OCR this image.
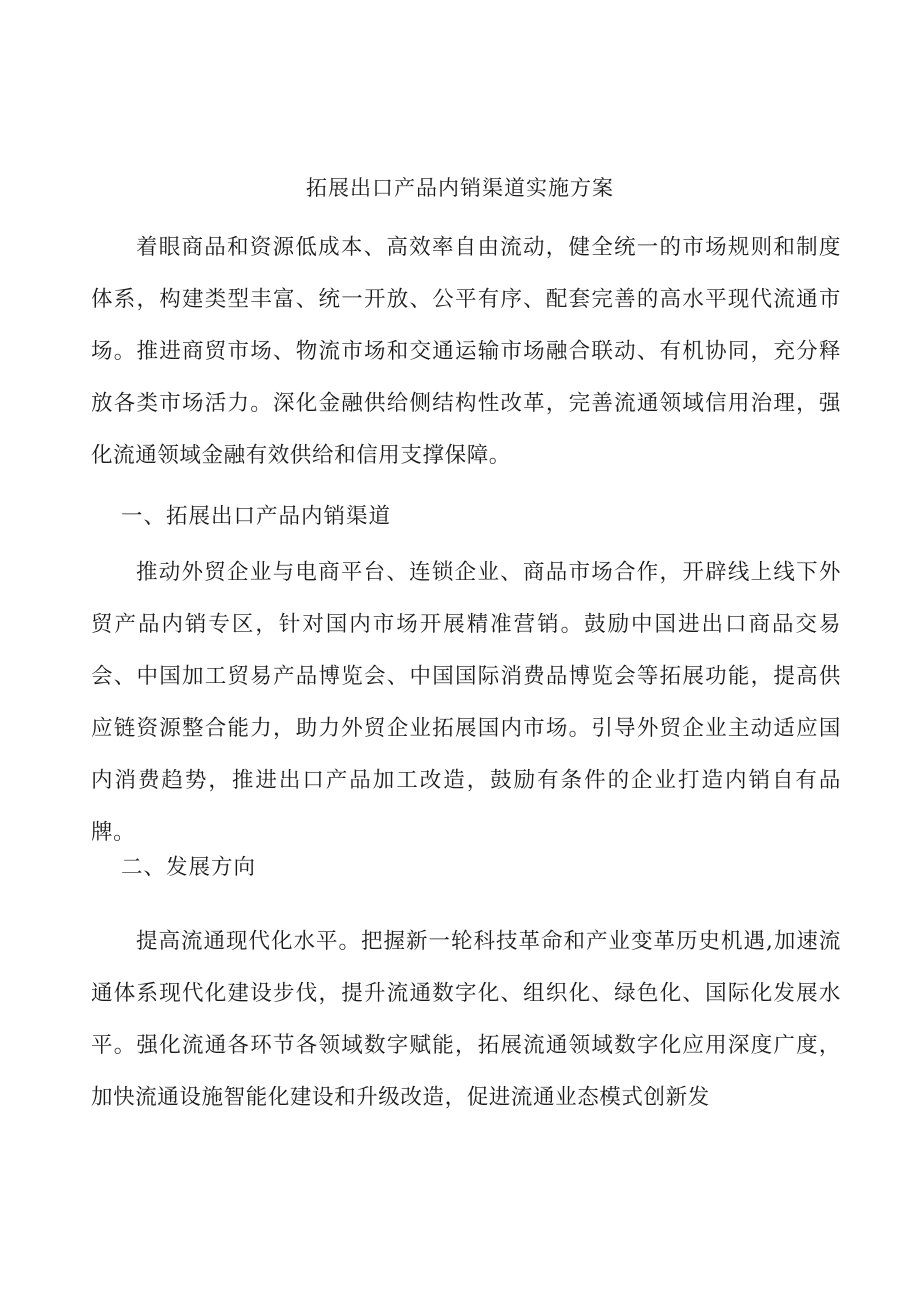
拓展出口产品内销渠道实施方案

着眼商品和资源低成本、高效率自由流动，健全统一的市场规则和制度体系，构建类型丰富、统一开放、公平有序、配套完善的高水平现代流通市场。推进商贸市场、物流市场和交通运输市场融合联动、有机协同，充分释放各类市场活力。深化金融供给侧结构性改革，完善流通领域信用治理，强化流通领域金融有效供给和信用支撑保障。

一、拓展出口产品内销渠道

推动外贸企业与电商平台、连锁企业、商品市场合作，开辟线上线下外贸产品内销专区，针对国内市场开展精准营销。鼓励中国进出口商品交易会、中国加工贸易产品博览会、中国国际消费品博览会等拓展功能，提高供应链资源整合能力，助力外贸企业拓展国内市场。引导外贸企业主动适应国内消费趋势，推进出口产品加工改造，鼓励有条件的企业打造内销自有品牌。

二、发展方向

提高流通现代化水平。把握新一轮科技革命和产业变革历史机遇,加速流通体系现代化建设步伐，提升流通数字化、组织化、绿色化、国际化发展水平。强化流通各环节各领域数字赋能，拓展流通领域数字化应用深度广度，加快流通设施智能化建设和升级改造，促进流通业态模式创新发
